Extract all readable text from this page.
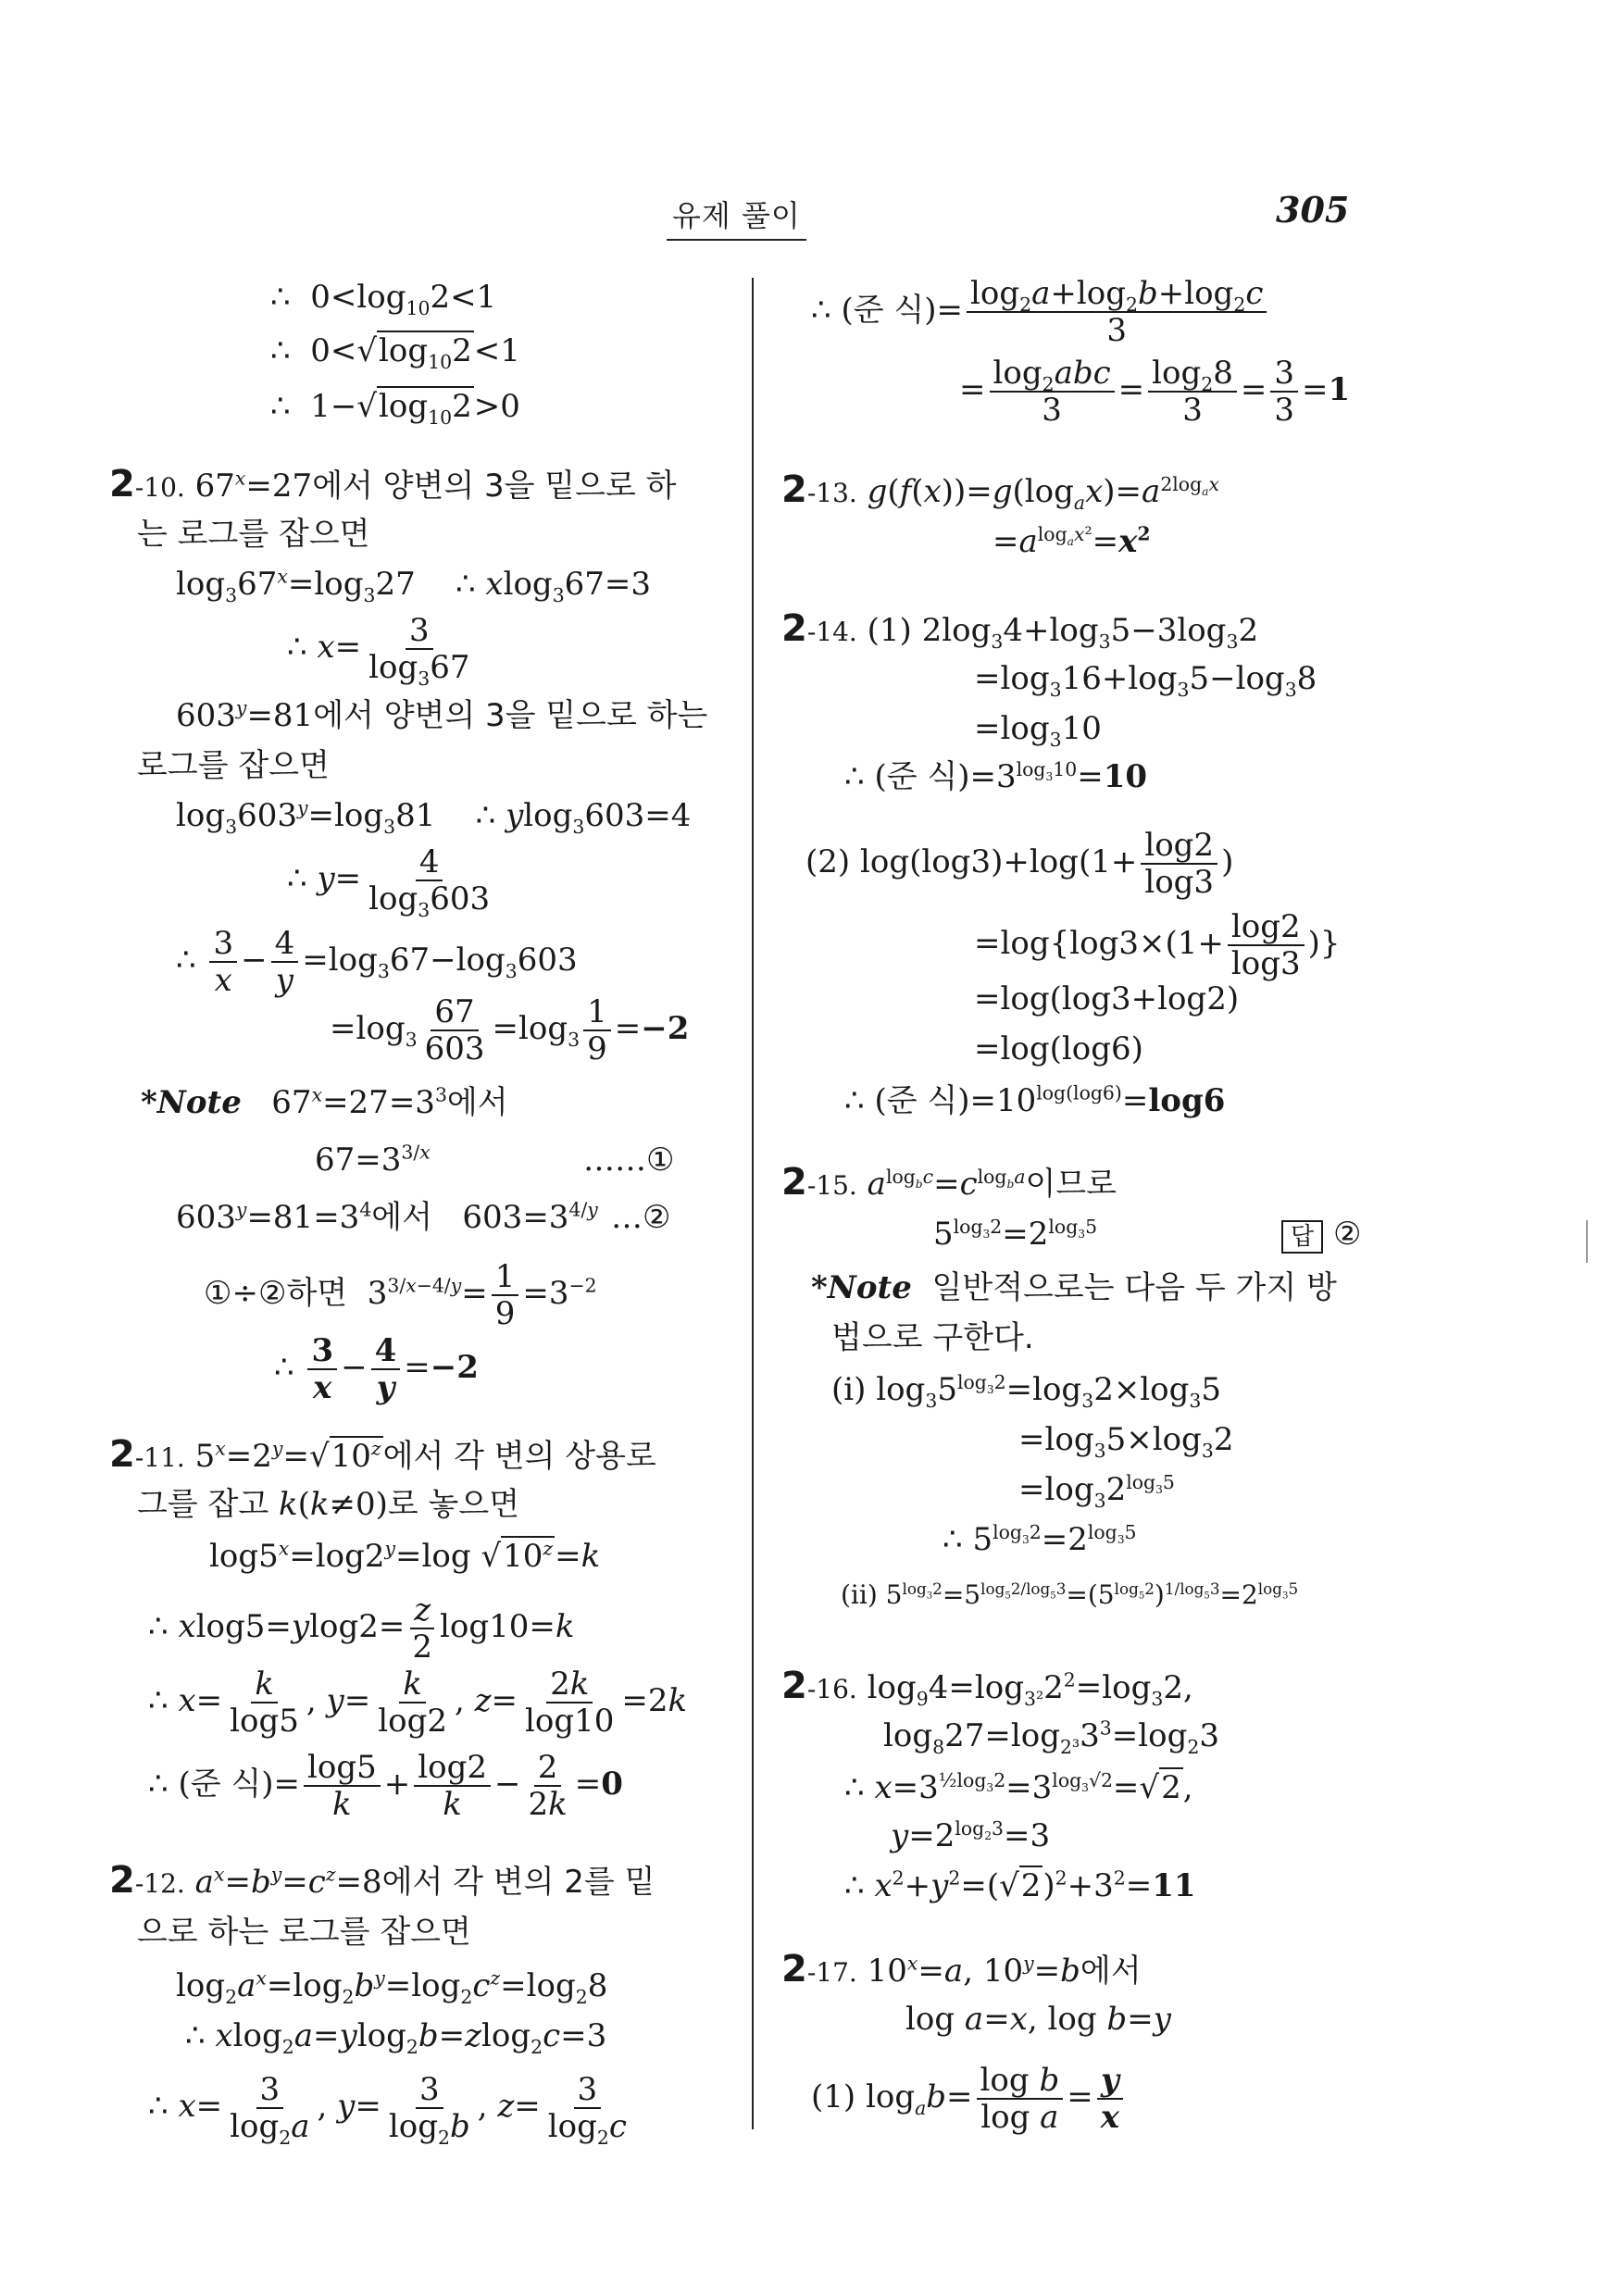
유제 풀이	305
∴  $0<\log_{10}2<1$
∴  $0<√\log_{10}2<1$
∴  $1-√\log_{10}2>0$
2-10. $67^x=27$에서 양변의 3을 밑으로 하
는 로그를 잡으면
$\log_367^x=\log_327$    ∴ xlog$_3$67=3
∴ $x= \frac{3}{\log_367}$
$603^y=81$에서 양변의 3을 밑으로 하는
로그를 잡으면
$\log_3603^y=\log_381$    ∴ ylog$_3$603=4
∴ $y= \frac{4}{\log_3603}$
∴ $\frac{3}{x} - \frac{4}{y} =\log_367-\log_3603$
$=\log_3 \frac{67}{603} =\log_3 \frac{1}{9} =-2$
*Note   $67^x=27=3^3$에서
$67=3^{3/x}$	……①
$603^y=81=3^4$에서   $603=3^{4/y}$ …②
①÷②하면  $3^{3/x-4/y}= \frac{1}{9} =3^{-2}$
∴ $\frac{3}{x} - \frac{4}{y} =-2$
2-11. $5^x=2^y=√10^z$에서 각 변의 상용로
그를 잡고 k(k≠0)로 놓으면
$\log 5^x=\log 2^y=\log$ $√10^z=k$
∴ $xlog5=ylog2= \frac{z}{2} \log 10=k$
∴ $x= \frac{k}{\log 5}$ , $y= \frac{k}{\log 2}$ , $z= \frac{2k}{\log 10} =2k$
∴ (준 식)= $\frac{\log 5}{k} + \frac{\log 2}{k} - \frac{2}{2k} =0$
2-12. $a^x=b^y=c^z=8$에서 각 변의 2를 밑
으로 하는 로그를 잡으면
$\log_2a^x=\log_2b^y=\log_2c^z=\log_28$
∴ xlog$_2$a=ylog$_2$b=zlog$_2$c=3
∴ $x= \frac{3}{\log_2a}$ , $y= \frac{3}{\log_2b}$ , $z= \frac{3}{\log_2c}$
∴ (준 식)= $\frac{\log_2a+\log_2b+\log_2c}{3}$
= $\frac{\log_2abc}{3} = \frac{\log_28}{3} = \frac{3}{3} =1$
2-13. $g(f(x))=g(\log_ax)=a^{2log_ax}$
$=a^{log_ax^2}=x^2$
2-14. (1) $2\log_34+\log_35-3\log_32$
$=\log_316+\log_35-\log_38$
$=\log_310$
∴ (준 식)$=3^{log_310}=10$
(2) $\log(\log 3)+\log(1+ \frac{\log 2}{\log 3}$ )
$=\log\{\log 3\times(1+ \frac{\log 2}{\log 3}$ )}
=log(log3+log2)
=log(log6)
∴ (준 식)$=10^{log(log6)}=\log 6$
2-15. $a^{log_bc}=c^{log_ba}$이므로
$5^{log_32}=2^{log_35}$	답 ②
*Note 일반적으로는 다음 두 가지 방
법으로 구한다.
(i) $\log_35^{log_32}=\log_32\times\log_35$
$=\log_35\times\log_32$
$=\log_32^{log_35}$
∴ $5^{log_32}=2^{log_35}$
(ii) $5^{log_32}=5^{log_52/log_53}=(5^{log_52})^{1/log_53}=2^{log_35}$
2-16. $\log_94=\log_{3^2}2^2=\log_32$,
$\log_827=\log_{2^3}3^3=\log_23$
∴ $x=3^{\frac{1}{2}log_32}=3^{log_3√2}=√2$,
$y=2^{log_23}=3$
∴ $x^2+y^2=(√2)^2+3^2=11$
2-17. $10^x=a$, $10^y=b$에서
log a=x, log b=y
(1) $\log_ab= \frac{\text{log b}}{\text{log a}} = \frac{y}{x}$
